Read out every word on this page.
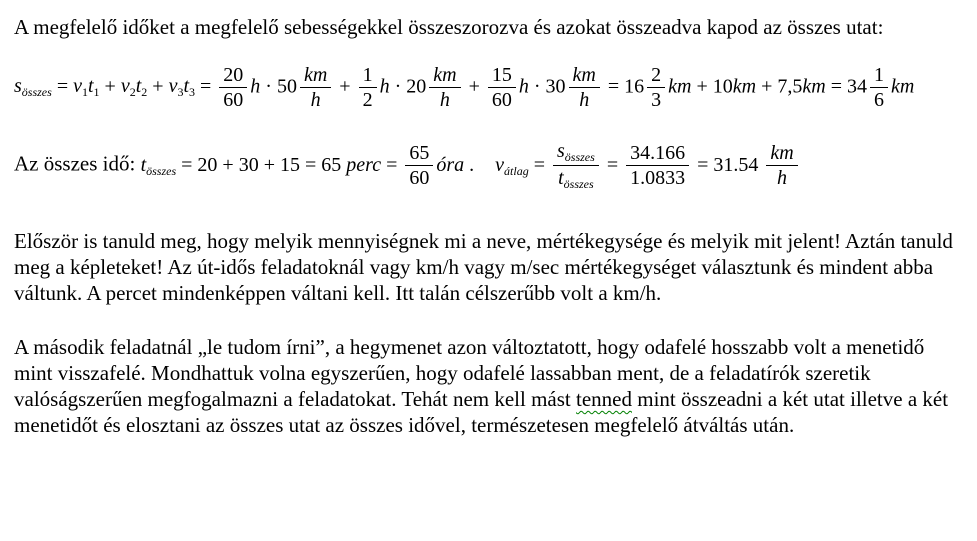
A megfelelő időket a megfelelő sebességekkel összeszorozva és azokat összeadva kapod az összes utat:

$s_{összes} = v_1t_1 + v_2t_2 + v_3t_3 = \frac{20}{60}$ $h \cdot 50 \frac{km}{h} + \frac{1}{2}$ $h \cdot 20 \frac{km}{h} + \frac{15}{60}$ $h \cdot 30 \frac{km}{h} = 16 \frac{2}{3}$ km + $10km + 7,5km = 34 \frac{1}{6}$ km
Az összes idő: $t_{összes} = 20 + 30 + 15 = 65$ perc = $\frac{65}{60}$ óra . $v_{átlag} = \frac{s_{összes}}{t_{összes}} = \frac{34.166}{1.0833} = 31.54 \frac{km}{h}$

Először is tanuld meg, hogy melyik mennyiségnek mi a neve, mértékegysége és melyik mit jelent! Aztán tanuld meg a képleteket! Az út-idős feladatoknál vagy km/h vagy m/sec mértékegységet választunk és mindent abba váltunk. A percet mindenképpen váltani kell. Itt talán célszerűbb volt a km/h.

A második feladatnál „le tudom írni”, a hegymenet azon változtatott, hogy odafelé hosszabb volt a menetidő mint visszafelé. Mondhattuk volna egyszerűen, hogy odafelé lassabban ment, de a feladatírók szeretik valóságszerűen megfogalmazni a feladatokat. Tehát nem kell mást tenned mint összeadni a két utat illetve a két menetidőt és elosztani az összes utat az összes idővel, természetesen megfelelő átváltás után.
